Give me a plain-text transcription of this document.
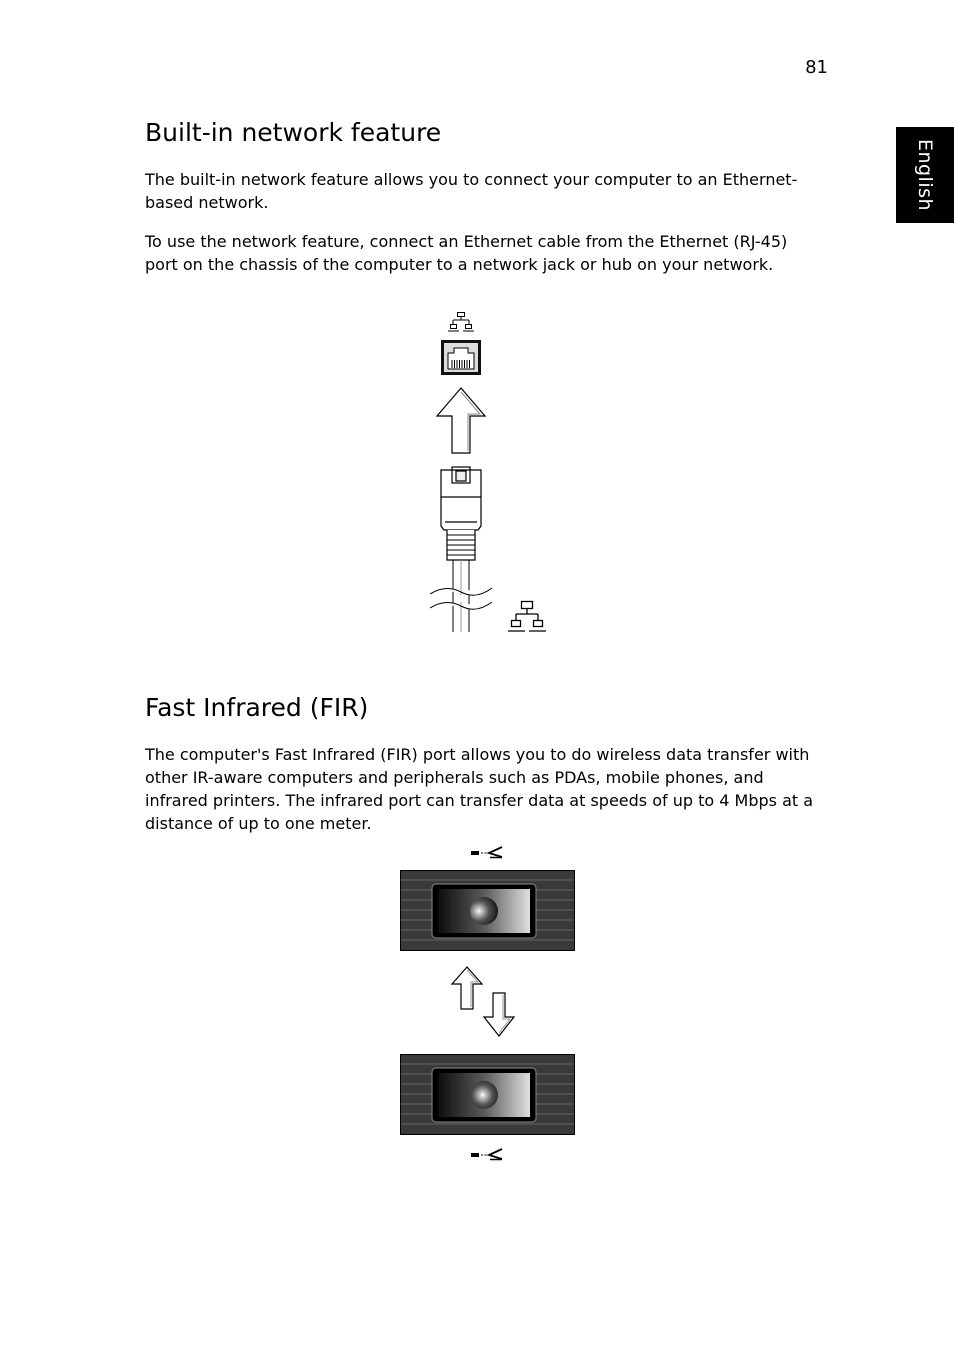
81
English
Built-in network feature

The built-in network feature allows you to connect your computer to an Ethernet-based network.

To use the network feature, connect an Ethernet cable from the Ethernet (RJ-45) port on the chassis of the computer to a network jack or hub on your network.

Fast Infrared (FIR)

The computer's Fast Infrared (FIR) port allows you to do wireless data transfer with other IR-aware computers and peripherals such as PDAs, mobile phones, and infrared printers. The infrared port can transfer data at speeds of up to 4 Mbps at a distance of up to one meter.
